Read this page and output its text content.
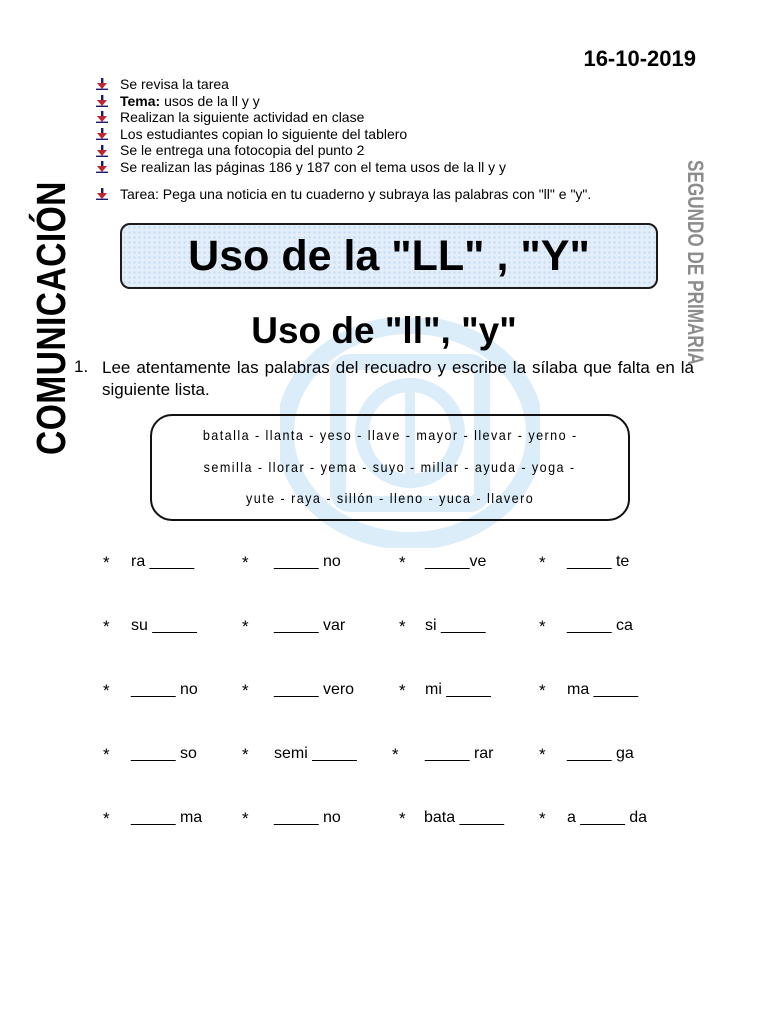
16-10-2019
COMUNICACIÓN	SEGUNDO DE PRIMARIA
Se revisa la tarea
Tema: usos de la ll y y
Realizan la siguiente actividad en clase
Los estudiantes copian lo siguiente del tablero
Se le entrega una fotocopia del punto 2
Se realizan las páginas 186 y 187 con el tema usos de la ll y y
Tarea: Pega una noticia en tu cuaderno y subraya las palabras con "ll" e "y".
Uso de la "LL" , "Y"
Uso de "ll", "y"
1. Lee atentamente las palabras del recuadro y escribe la sílaba que falta en la siguiente lista.
batalla - llanta - yeso - llave - mayor - llevar - yerno -
semilla - llorar - yema - suyo - millar - ayuda - yoga -
yute - raya - sillón - lleno - yuca - llavero
* ra _____	* _____ no	* _____ve	* _____ te
* su _____	* _____ var	* si _____	* _____ ca
* _____ no	* _____ vero	* mi _____	* ma _____
* _____ so	* semi _____ * _____ rar	* _____ ga
* _____ ma * _____ no	* bata _____ * a _____ da
